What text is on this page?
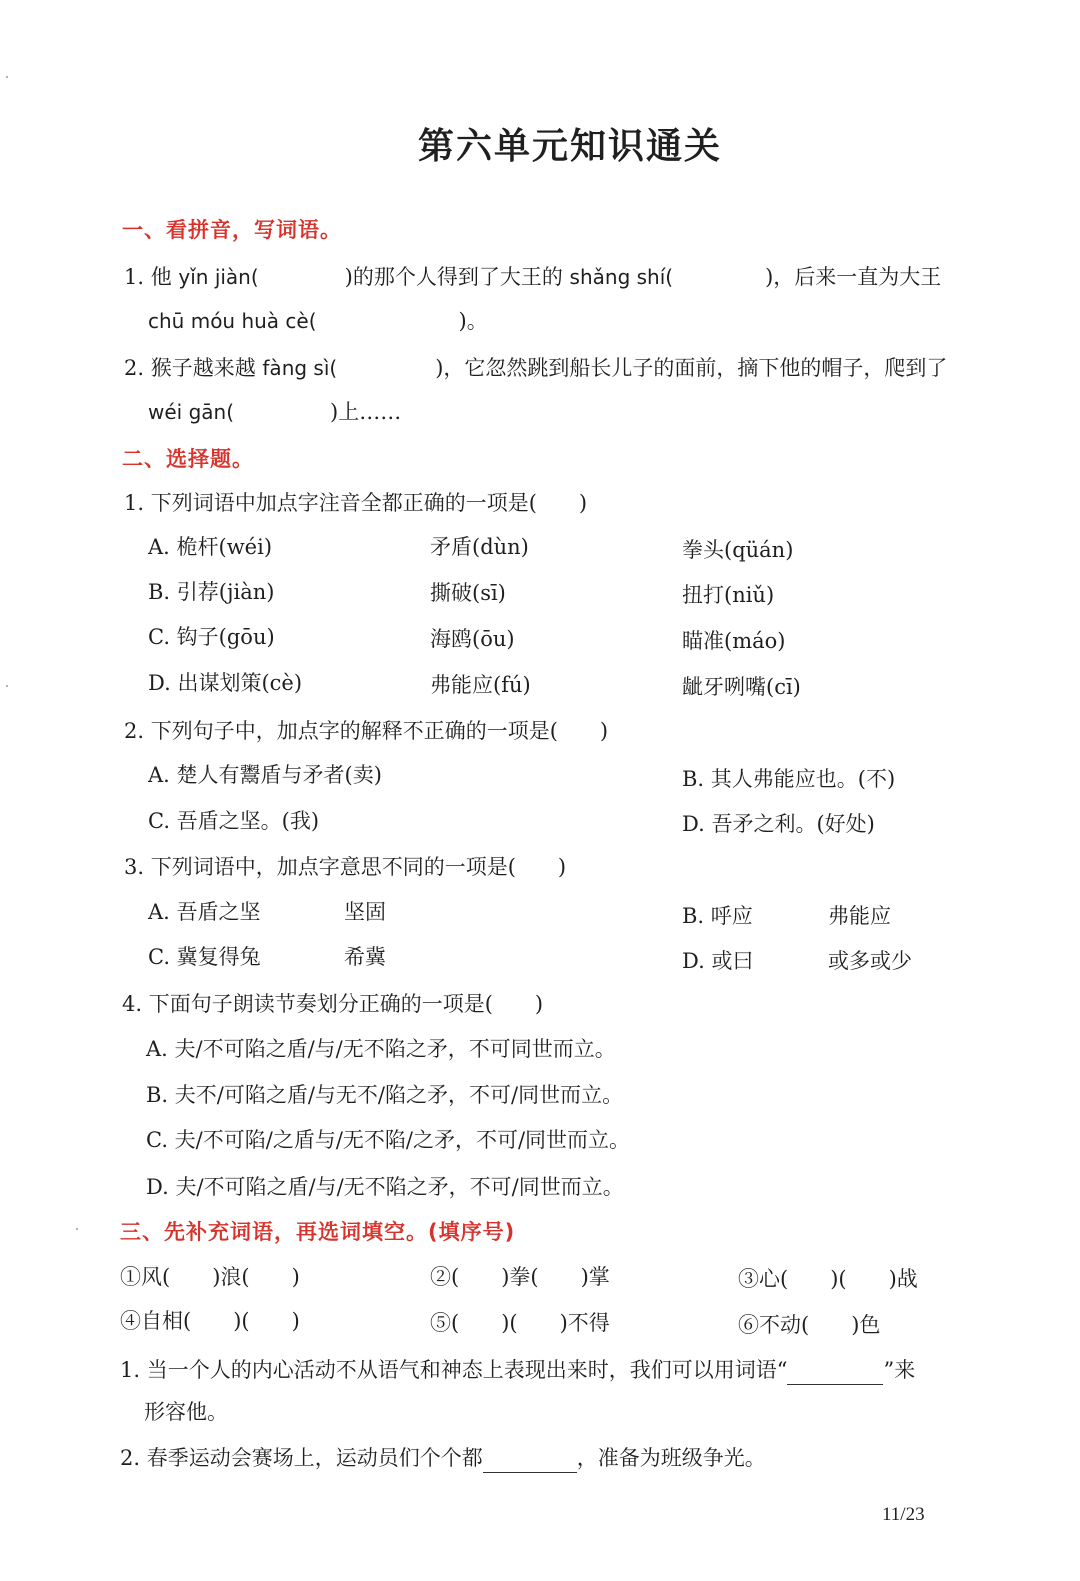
第六单元知识通关
一、看拼音，写词语。
1. 他 yǐn jiàn(	)的那个人得到了大王的 shǎng shí(	)，后来一直为大王
chū móu huà cè(	)。
2. 猴子越来越 fàng sì(	)，它忽然跳到船长儿子的面前，摘下他的帽子，爬到了
wéi gān(	)上……
二、选择题。
1. 下列词语中加点字注音全都正确的一项是(　　)
A. 桅杆(wéi)	矛盾(dùn)	拳头(qüán)
B. 引荐(jiàn)	撕破(sī)	扭打(niǔ)
C. 钩子(gōu)	海鸥(ōu)	瞄准(máo)
D. 出谋划策(cè)	弗能应(fú)	龇牙咧嘴(cī)
2. 下列句子中，加点字的解释不正确的一项是(　　)
A. 楚人有鬻盾与矛者(卖)	B. 其人弗能应也。(不)
C. 吾盾之坚。(我)	D. 吾矛之利。(好处)
3. 下列词语中，加点字意思不同的一项是(　　)
A. 吾盾之坚	坚固	B. 呼应	弗能应
C. 冀复得兔	希冀	D. 或曰	或多或少
4. 下面句子朗读节奏划分正确的一项是(　　)
A. 夫/不可陷之盾/与/无不陷之矛，不可同世而立。
B. 夫不/可陷之盾/与无不/陷之矛，不可/同世而立。
C. 夫/不可陷/之盾与/无不陷/之矛，不可/同世而立。
D. 夫/不可陷之盾/与/无不陷之矛，不可/同世而立。
三、先补充词语，再选词填空。(填序号)
①风(　　)浪(　　)	②(　　)拳(　　)掌	③心(　　)(　　)战
④自相(　　)(　　)	⑤(　　)(　　)不得	⑥不动(　　)色
1. 当一个人的内心活动不从语气和神态上表现出来时，我们可以用词语“	”来
形容他。
2. 春季运动会赛场上，运动员们个个都	，准备为班级争光。
11/23
